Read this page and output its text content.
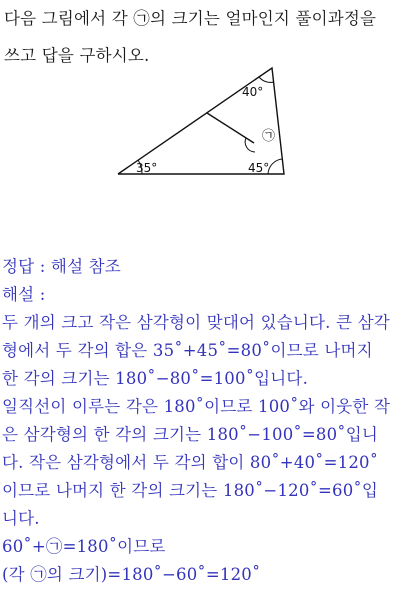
다음 그림에서 각 ㉠의 크기는 얼마인지 풀이과정을
쓰고 답을 구하시오.
40°
㉠
35°	45°
정답 : 해설 참조
해설 :
두 개의 크고 작은 삼각형이 맞대어 있습니다. 큰 삼각
형에서 두 각의 합은 35˚+45˚=80˚이므로 나머지
한 각의 크기는 180˚−80˚=100˚입니다.
일직선이 이루는 각은 180˚이므로 100˚와 이웃한 작
은 삼각형의 한 각의 크기는 180˚−100˚=80˚입니
다. 작은 삼각형에서 두 각의 합이 80˚+40˚=120˚
이므로 나머지 한 각의 크기는 180˚−120˚=60˚입
니다.
60˚+㉠=180˚이므로
(각 ㉠의 크기)=180˚−60˚=120˚
